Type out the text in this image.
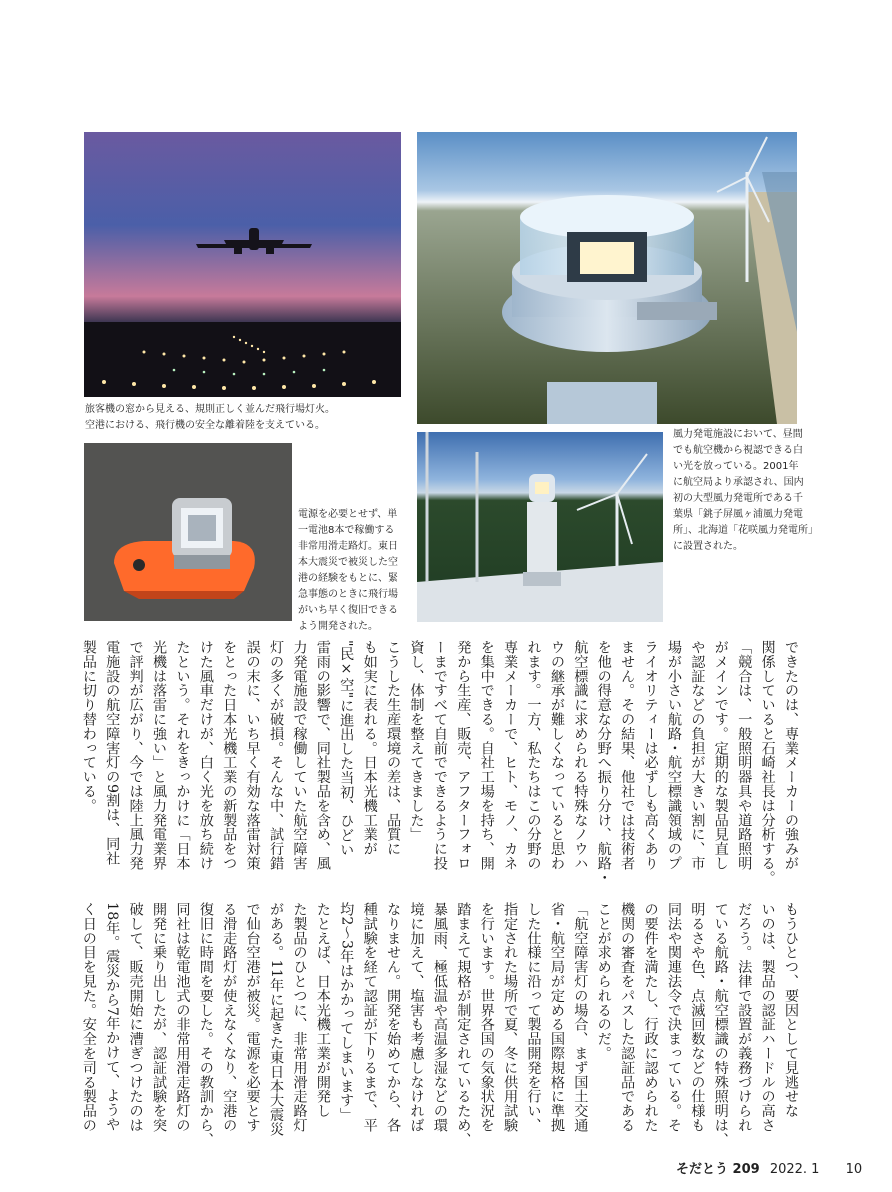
旅客機の窓から見える、規則正しく並んだ飛行場灯火。
空港における、飛行機の安全な離着陸を支えている。
風力発電施設において、昼間
でも航空機から視認できる白
い光を放っている。2001年
に航空局より承認され、国内
初の大型風力発電所である千
葉県「銚子屏風ヶ浦風力発電
所」、北海道「花咲風力発電所」
に設置された。
電源を必要とせず、単
一電池8本で稼働する
非常用滑走路灯。東日
本大震災で被災した空
港の経験をもとに、緊
急事態のときに飛行場
がいち早く復旧できる
よう開発された。
できたのは、専業メーカーの強みが
関係していると石崎社長は分析する。
「競合は、一般照明器具や道路照明
がメインです。定期的な製品見直し
や認証などの負担が大きい割に、市
場が小さい航路・航空標識領域のプ
ライオリティーは必ずしも高くあり
ません。その結果、他社では技術者
を他の得意な分野へ振り分け、航路・
航空標識に求められる特殊なノウハ
ウの継承が難しくなっていると思わ
れます。一方、私たちはこの分野の
専業メーカーで、ヒト、モノ、カネ
を集中できる。自社工場を持ち、開
発から生産、販売、アフターフォロ
ーまですべて自前でできるように投
資し、体制を整えてきました」
こうした生産環境の差は、品質に
も如実に表れる。日本光機工業が
"民×空"に進出した当初、ひどい
雷雨の影響で、同社製品を含め、風
力発電施設で稼働していた航空障害
灯の多くが破損。そんな中、試行錯
誤の末に、いち早く有効な落雷対策
をとった日本光機工業の新製品をつ
けた風車だけが、白く光を放ち続け
たという。それをきっかけに「日本
光機は落雷に強い」と風力発電業界
で評判が広がり、今では陸上風力発
電施設の航空障害灯の9割は、同社
製品に切り替わっている。
もうひとつ、要因として見逃せな
いのは、製品の認証ハードルの高さ
だろう。法律で設置が義務づけられ
ている航路・航空標識の特殊照明は、
明るさや色、点滅回数などの仕様も
同法や関連法令で決まっている。そ
の要件を満たし、行政に認められた
機関の審査をパスした認証品である
ことが求められるのだ。
「航空障害灯の場合、まず国土交通
省・航空局が定める国際規格に準拠
した仕様に沿って製品開発を行い、
指定された場所で夏、冬に供用試験
を行います。世界各国の気象状況を
踏まえて規格が制定されているため、
暴風雨、極低温や高温多湿などの環
境に加えて、塩害も考慮しなければ
なりません。開発を始めてから、各
種試験を経て認証が下りるまで、平
均2〜3年はかかってしまいます」
たとえば、日本光機工業が開発し
た製品のひとつに、非常用滑走路灯
がある。11年に起きた東日本大震災
で仙台空港が被災。電源を必要とす
る滑走路灯が使えなくなり、空港の
復旧に時間を要した。その教訓から、
同社は乾電池式の非常用滑走路灯の
開発に乗り出したが、認証試験を突
破して、販売開始に漕ぎつけたのは
18年。震災から7年かけて、ようや
く日の目を見た。安全を司る製品の
そだとう 209 2022. 1 10
